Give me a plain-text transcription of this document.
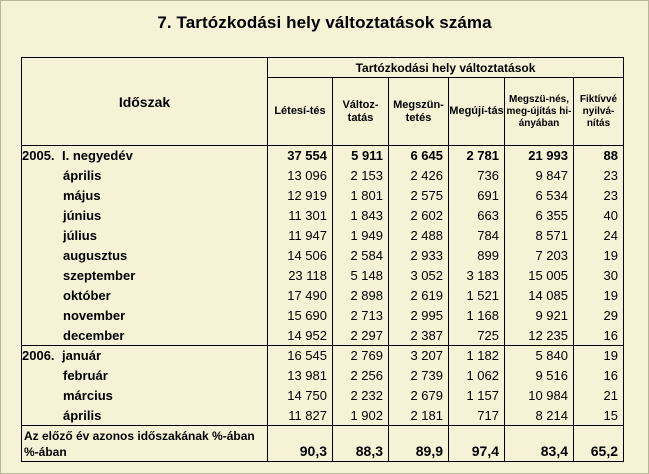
7. Tartózkodási hely változtatások száma
Időszak	Tartózkodási hely változtatások					
	Létesí-tés	Változ-tatás	Megszün-tetés	Megújí-tás	Megszü-nés, meg-újítás hi-ányában	Fiktívvé nyilvá-nítás
2005. I. negyedév	37 554	5 911	6 645	2 781	21 993	88
április	13 096	2 153	2 426	736	9 847	23
május	12 919	1 801	2 575	691	6 534	23
június	11 301	1 843	2 602	663	6 355	40
július	11 947	1 949	2 488	784	8 571	24
augusztus	14 506	2 584	2 933	899	7 203	19
szeptember	23 118	5 148	3 052	3 183	15 005	30
október	17 490	2 898	2 619	1 521	14 085	19
november	15 690	2 713	2 995	1 168	9 921	29
december	14 952	2 297	2 387	725	12 235	16
2006. január	16 545	2 769	3 207	1 182	5 840	19
február	13 981	2 256	2 739	1 062	9 516	16
március	14 750	2 232	2 679	1 157	10 984	21
április	11 827	1 902	2 181	717	8 214	15
Az előző év azonos időszakának %-ában %-ában	90,3	88,3	89,9	97,4	83,4	65,2
